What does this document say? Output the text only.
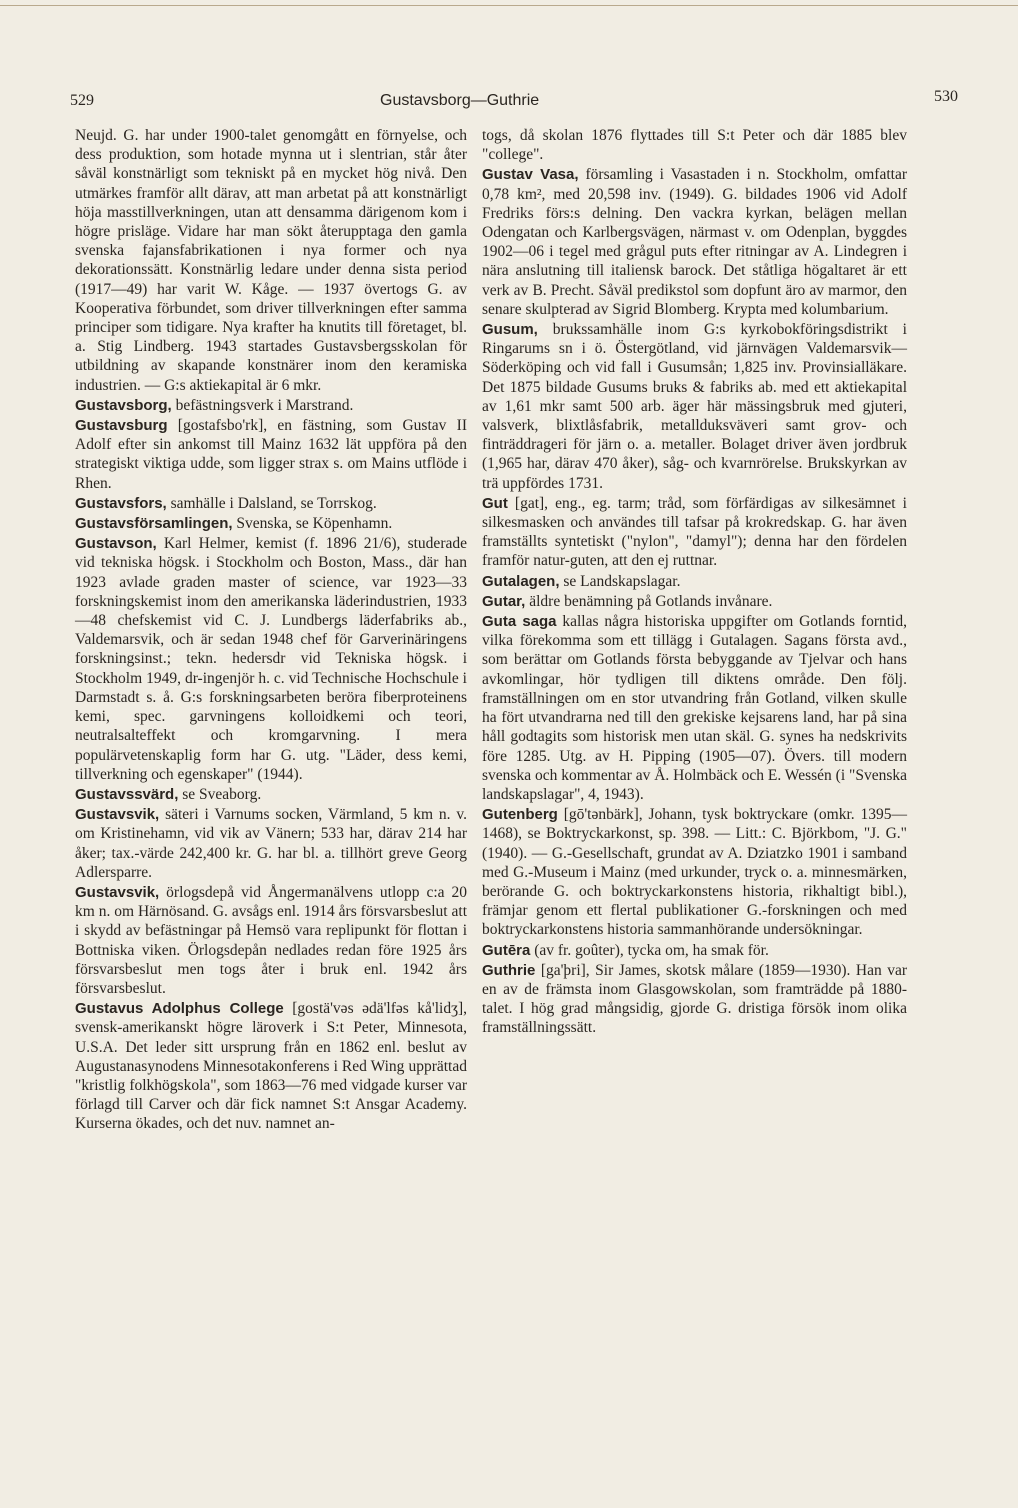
529	Gustavsborg—Guthrie	530

Neujd. G. har under 1900-talet genomgått en förnyelse, och dess produktion, som hotade mynna ut i slentrian, står åter såväl konstnärligt som tekniskt på en mycket hög nivå. Den utmärkes framför allt därav, att man arbetat på att konstnärligt höja masstillverkningen, utan att densamma därigenom kom i högre prisläge. Vidare har man sökt återupptaga den gamla svenska fajansfabrikationen i nya former och nya dekorationssätt. Konstnärlig ledare under denna sista period (1917—49) har varit W. Kåge. — 1937 övertogs G. av Kooperativa förbundet, som driver tillverkningen efter samma principer som tidigare. Nya krafter ha knutits till företaget, bl. a. Stig Lindberg. 1943 startades Gustavsbergsskolan för utbildning av skapande konstnärer inom den keramiska industrien. — G:s aktiekapital är 6 mkr.

Gustavsborg, befästningsverk i Marstrand.

Gustavsburg [gostafsbo'rk], en fästning, som Gustav II Adolf efter sin ankomst till Mainz 1632 lät uppföra på den strategiskt viktiga udde, som ligger strax s. om Mains utflöde i Rhen.

Gustavsfors, samhälle i Dalsland, se Torrskog.

Gustavsförsamlingen, Svenska, se Köpenhamn.

Gustavson, Karl Helmer, kemist (f. 1896 21/6), studerade vid tekniska högsk. i Stockholm och Boston, Mass., där han 1923 avlade graden master of science, var 1923—33 forskningskemist inom den amerikanska läderindustrien, 1933—48 chefskemist vid C. J. Lundbergs läderfabriks ab., Valdemarsvik, och är sedan 1948 chef för Garverinäringens forskningsinst.; tekn. hedersdr vid Tekniska högsk. i Stockholm 1949, dr-ingenjör h. c. vid Technische Hochschule i Darmstadt s. å. G:s forskningsarbeten beröra fiberproteinens kemi, spec. garvningens kolloidkemi och teori, neutralsalteffekt och kromgarvning. I mera populärvetenskaplig form har G. utg. "Läder, dess kemi, tillverkning och egenskaper" (1944).

Gustavssvärd, se Sveaborg.

Gustavsvik, säteri i Varnums socken, Värmland, 5 km n. v. om Kristinehamn, vid vik av Vänern; 533 har, därav 214 har åker; tax.-värde 242,400 kr. G. har bl. a. tillhört greve Georg Adlersparre.

Gustavsvik, örlogsdepå vid Ångermanälvens utlopp c:a 20 km n. om Härnösand. G. avsågs enl. 1914 års försvarsbeslut att i skydd av befästningar på Hemsö vara replipunkt för flottan i Bottniska viken. Örlogsdepån nedlades redan före 1925 års försvarsbeslut men togs åter i bruk enl. 1942 års försvarsbeslut.

Gustavus Adolphus College [gostä'vəs ədä'lfəs kå'lidʒ], svensk-amerikanskt högre läroverk i S:t Peter, Minnesota, U.S.A. Det leder sitt ursprung från en 1862 enl. beslut av Augustanasynodens Minnesotakonferens i Red Wing upprättad "kristlig folkhögskola", som 1863—76 med vidgade kurser var förlagd till Carver och där fick namnet S:t Ansgar Academy. Kurserna ökades, och det nuv. namnet an-

togs, då skolan 1876 flyttades till S:t Peter och där 1885 blev "college".

Gustav Vasa, församling i Vasastaden i n. Stockholm, omfattar 0,78 km², med 20,598 inv. (1949). G. bildades 1906 vid Adolf Fredriks förs:s delning. Den vackra kyrkan, belägen mellan Odengatan och Karlbergsvägen, närmast v. om Odenplan, byggdes 1902—06 i tegel med grågul puts efter ritningar av A. Lindegren i nära anslutning till italiensk barock. Det ståtliga högaltaret är ett verk av B. Precht. Såväl predikstol som dopfunt äro av marmor, den senare skulpterad av Sigrid Blomberg. Krypta med kolumbarium.

Gusum, brukssamhälle inom G:s kyrkobokföringsdistrikt i Ringarums sn i ö. Östergötland, vid järnvägen Valdemarsvik—Söderköping och vid fall i Gusumsån; 1,825 inv. Provinsialläkare. Det 1875 bildade Gusums bruks & fabriks ab. med ett aktiekapital av 1,61 mkr samt 500 arb. äger här mässingsbruk med gjuteri, valsverk, blixtlåsfabrik, metallduksväveri samt grov- och finträddrageri för järn o. a. metaller. Bolaget driver även jordbruk (1,965 har, därav 470 åker), såg- och kvarnrörelse. Brukskyrkan av trä uppfördes 1731.

Gut [gat], eng., eg. tarm; tråd, som förfärdigas av silkesämnet i silkesmasken och användes till tafsar på krokredskap. G. har även framställts syntetiskt ("nylon", "damyl"); denna har den fördelen framför natur-guten, att den ej ruttnar.

Gutalagen, se Landskapslagar.

Gutar, äldre benämning på Gotlands invånare.

Guta saga kallas några historiska uppgifter om Gotlands forntid, vilka förekomma som ett tillägg i Gutalagen. Sagans första avd., som berättar om Gotlands första bebyggande av Tjelvar och hans avkomlingar, hör tydligen till diktens område. Den följ. framställningen om en stor utvandring från Gotland, vilken skulle ha fört utvandrarna ned till den grekiske kejsarens land, har på sina håll godtagits som historisk men utan skäl. G. synes ha nedskrivits före 1285. Utg. av H. Pipping (1905—07). Övers. till modern svenska och kommentar av Å. Holmbäck och E. Wessén (i "Svenska landskapslagar", 4, 1943).

Gutenberg [gō'tənbärk], Johann, tysk boktryckare (omkr. 1395—1468), se Boktryckarkonst, sp. 398. — Litt.: C. Björkbom, "J. G." (1940). — G.-Gesellschaft, grundat av A. Dziatzko 1901 i samband med G.-Museum i Mainz (med urkunder, tryck o. a. minnesmärken, berörande G. och boktryckarkonstens historia, rikhaltigt bibl.), främjar genom ett flertal publikationer G.-forskningen och med boktryckarkonstens historia sammanhörande undersökningar.

Gutēra (av fr. goûter), tycka om, ha smak för.

Guthrie [ga'þri], Sir James, skotsk målare (1859—1930). Han var en av de främsta inom Glasgowskolan, som framträdde på 1880-talet. I hög grad mångsidig, gjorde G. dristiga försök inom olika framställningssätt.
